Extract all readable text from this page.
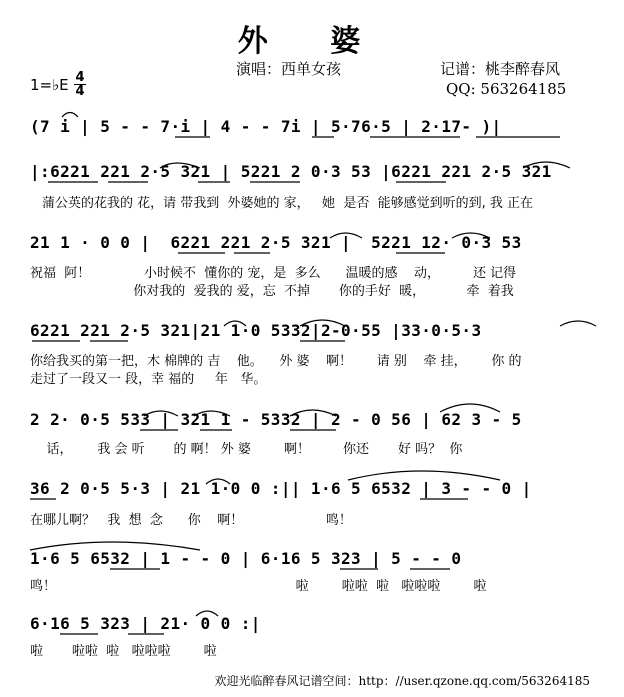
外 婆
演唱：西单女孩	记谱：桃李醉春风
QQ: 563264185
1=♭E 4
4
(7 i | 5 - - 7·i | 4 - - 7i | 5·76·5 | 2·17- )|
|:6221 221 2·5 321 | 5221 2 0·3 53 |6221 221 2·5 321
蒲公英的花我的 花，请 带我到  外婆她的 家，   她  是否  能够感觉到听的到, 我 正在
21 1 · 0 0 |  6221 221 2·5 321 |  5221 12· 0·3 53
祝福  阿！             小时候不  懂你的 宠，是  多么      温暖的感    动，        还 记得
你对我的  爱我的 爱，忘  不掉       你的手好  暖，          牵  着我
6221 221 2·5 321|21 1·0 5332|2-0·55 |33·0·5·3
你给我买的第一把，木 棉牌的 吉    他。    外 婆    啊！      请 别    牵 挂，      你 的
走过了一段又一 段，幸 福的     年   华。
2 2· 0·5 533 | 321 1 - 5332 | 2 - 0 56 | 62 3 - 5
话，      我 会 听       的 啊！ 外 婆        啊！        你还       好 吗？  你
36 2 0·5 5·3 | 21 1·0 0 :|| 1·6 5 6532 | 3 - - 0 |
在哪儿啊？   我  想  念      你    啊！                    鸣！
1·6 5 6532 | 1 - - 0 | 6·16 5 323 | 5 - - 0
鸣！                                                          啦        啦啦  啦   啦啦啦        啦
6·16 5 323 | 21· 0 0 :|
啦       啦啦  啦   啦啦啦        啦
欢迎光临醉春风记谱空间：http：//user.qzone.qq.com/563264185
